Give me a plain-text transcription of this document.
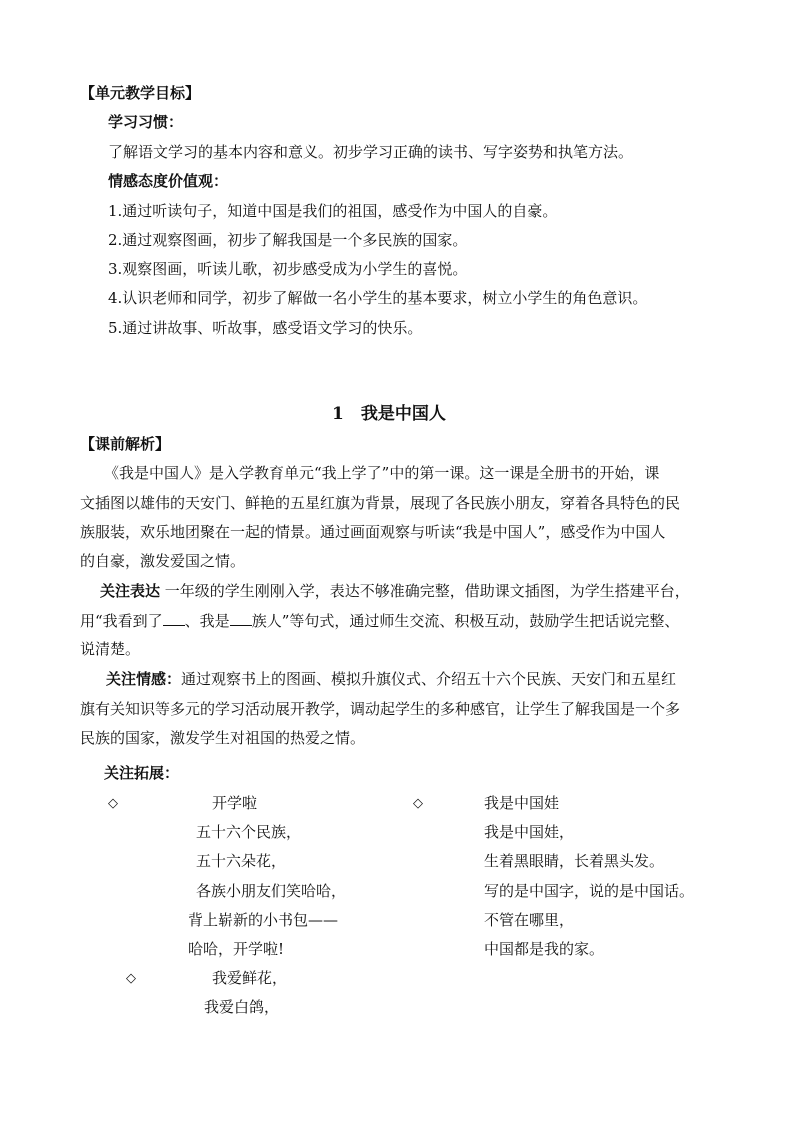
【单元教学目标】
学习习惯：
了解语文学习的基本内容和意义。初步学习正确的读书、写字姿势和执笔方法。
情感态度价值观：
1.通过听读句子，知道中国是我们的祖国，感受作为中国人的自豪。
2.通过观察图画，初步了解我国是一个多民族的国家。
3.观察图画，听读儿歌，初步感受成为小学生的喜悦。
4.认识老师和同学，初步了解做一名小学生的基本要求，树立小学生的角色意识。
5.通过讲故事、听故事，感受语文学习的快乐。
1　我是中国人
【课前解析】
《我是中国人》是入学教育单元“我上学了”中的第一课。这一课是全册书的开始，课
文插图以雄伟的天安门、鲜艳的五星红旗为背景，展现了各民族小朋友，穿着各具特色的民
族服装，欢乐地团聚在一起的情景。通过画面观察与听读“我是中国人”，感受作为中国人
的自豪，激发爱国之情。
关注表达 一年级的学生刚刚入学，表达不够准确完整，借助课文插图，为学生搭建平台，
用“我看到了 、我是 族人”等句式，通过师生交流、积极互动，鼓励学生把话说完整、
说清楚。
关注情感：通过观察书上的图画、模拟升旗仪式、介绍五十六个民族、天安门和五星红
旗有关知识等多元的学习活动展开教学，调动起学生的多种感官，让学生了解我国是一个多
民族的国家，激发学生对祖国的热爱之情。
关注拓展：
◇	开学啦
五十六个民族，
五十六朵花，
各族小朋友们笑哈哈，
背上崭新的小书包——
哈哈，开学啦!
◇	我是中国娃
我是中国娃，
生着黑眼睛，长着黑头发。
写的是中国字，说的是中国话。
不管在哪里，
中国都是我的家。
◇	我爱鲜花，
我爱白鸽，
